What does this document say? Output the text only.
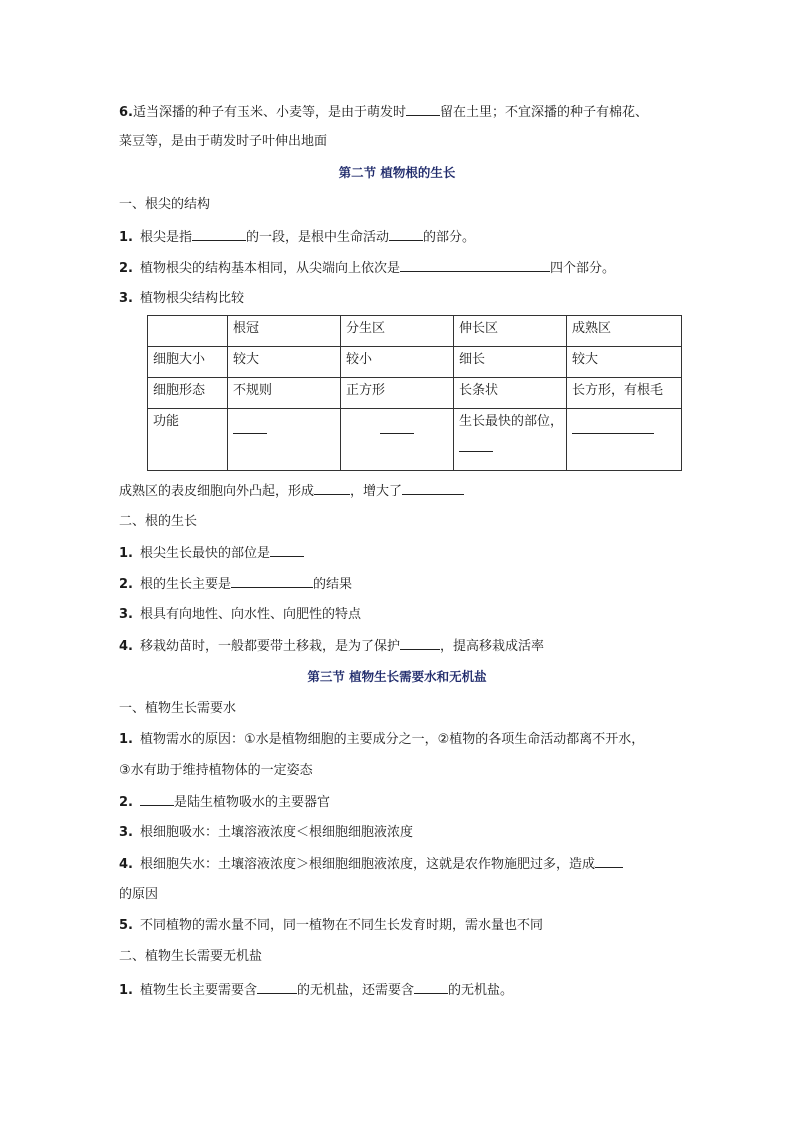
6.适当深播的种子有玉米、小麦等，是由于萌发时	留在土里；不宜深播的种子有棉花、
菜豆等，是由于萌发时子叶伸出地面
第二节 植物根的生长
一、根尖的结构
1. 根尖是指	的一段，是根中生命活动	的部分。
2. 植物根尖的结构基本相同，从尖端向上依次是	四个部分。
3. 植物根尖结构比较
	根冠	分生区	伸长区	成熟区
细胞大小	较大	较小	细长	较大
细胞形态	不规则	正方形	长条状	长方形，有根毛
功能			生长最快的部位，

成熟区的表皮细胞向外凸起，形成	，增大了
二、根的生长
1. 根尖生长最快的部位是
2. 根的生长主要是	的结果
3. 根具有向地性、向水性、向肥性的特点
4. 移栽幼苗时，一般都要带土移栽，是为了保护	，提高移栽成活率
第三节 植物生长需要水和无机盐
一、植物生长需要水
1. 植物需水的原因：①水是植物细胞的主要成分之一，②植物的各项生命活动都离不开水，
③水有助于维持植物体的一定姿态
2.	是陆生植物吸水的主要器官
3. 根细胞吸水：土壤溶液浓度＜根细胞细胞液浓度
4. 根细胞失水：土壤溶液浓度＞根细胞细胞液浓度，这就是农作物施肥过多，造成
的原因
5. 不同植物的需水量不同，同一植物在不同生长发育时期，需水量也不同
二、植物生长需要无机盐
1. 植物生长主要需要含	的无机盐，还需要含	的无机盐。
